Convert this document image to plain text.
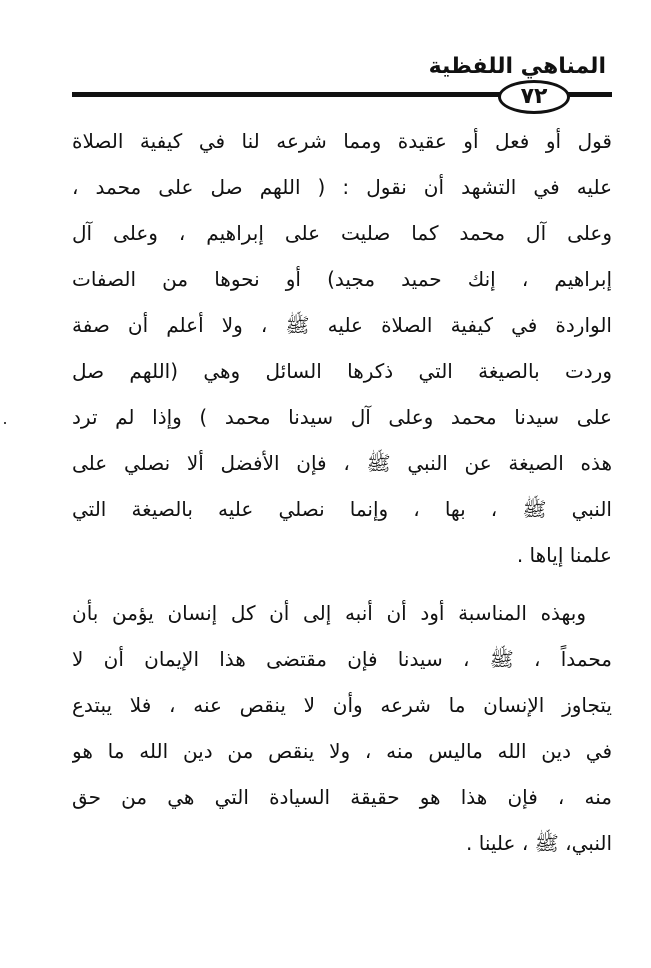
المناهي اللفظية
٧٢
قول أو فعل أو عقيدة ومما شرعه لنا في كيفية الصلاة
عليه في التشهد أن نقول : ( اللهم صل على محمد ،
وعلى آل محمد كما صليت على إبراهيم ، وعلى آل
إبراهيم ، إنك حميد مجيد) أو نحوها من الصفات
الواردة في كيفية الصلاة عليه ﷺ ، ولا أعلم أن صفة
وردت بالصيغة التي ذكرها السائل وهي (اللهم صل
على سيدنا محمد وعلى آل سيدنا محمد ) وإذا لم ترد
هذه الصيغة عن النبي ﷺ ، فإن الأفضل ألا نصلي على
النبي ﷺ ، بها ، وإنما نصلي عليه بالصيغة التي
علمنا إياها .
وبهذه المناسبة أود أن أنبه إلى أن كل إنسان يؤمن بأن
محمداً ، ﷺ ، سيدنا فإن مقتضى هذا الإيمان أن لا
يتجاوز الإنسان ما شرعه وأن لا ينقص عنه ، فلا يبتدع
في دين الله ماليس منه ، ولا ينقص من دين الله ما هو
منه ، فإن هذا هو حقيقة السيادة التي هي من حق
النبي، ﷺ ، علينا .
